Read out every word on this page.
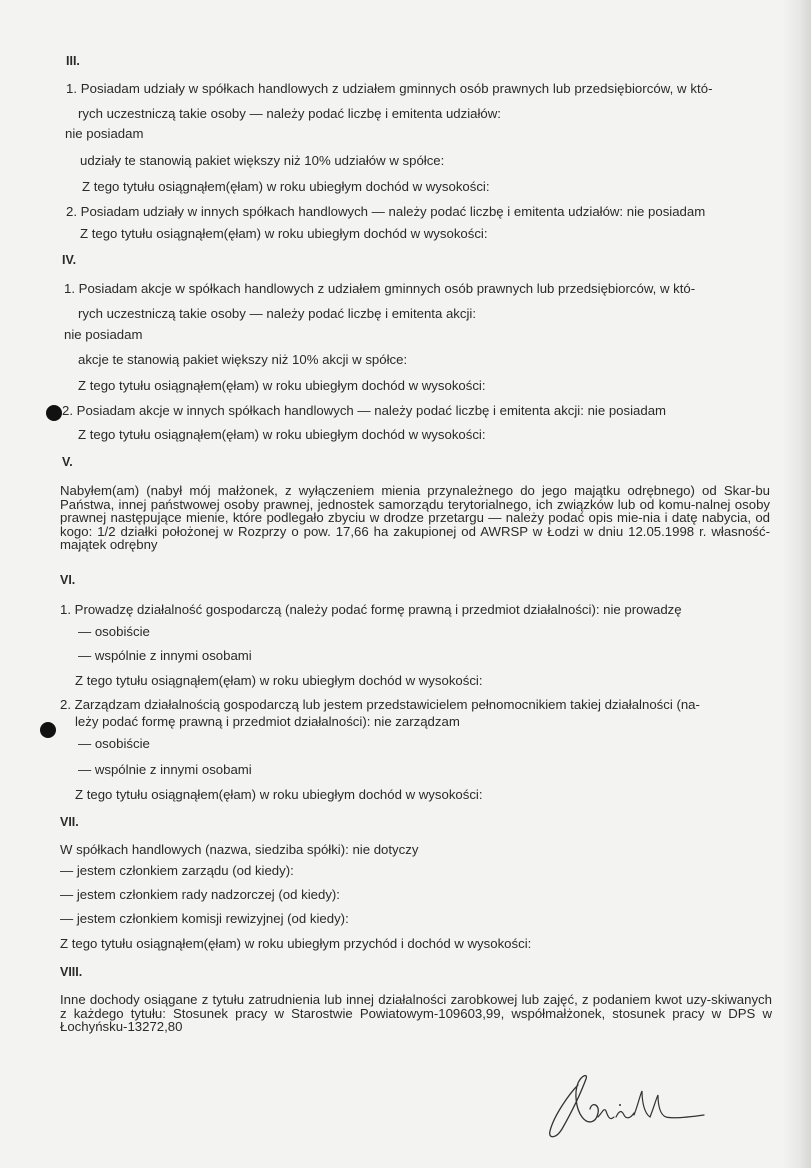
III.
1. Posiadam udziały w spółkach handlowych z udziałem gminnych osób prawnych lub przedsiębiorców, w któ-
rych uczestniczą takie osoby — należy podać liczbę i emitenta udziałów:
nie posiadam
udziały te stanowią pakiet większy niż 10% udziałów w spółce:
Z tego tytułu osiągnąłem(ęłam) w roku ubiegłym dochód w wysokości:
2. Posiadam udziały w innych spółkach handlowych — należy podać liczbę i emitenta udziałów: nie posiadam
Z tego tytułu osiągnąłem(ęłam) w roku ubiegłym dochód w wysokości:
IV.
1. Posiadam akcje w spółkach handlowych z udziałem gminnych osób prawnych lub przedsiębiorców, w któ-
rych uczestniczą takie osoby — należy podać liczbę i emitenta akcji:
nie posiadam
akcje te stanowią pakiet większy niż 10% akcji w spółce:
Z tego tytułu osiągnąłem(ęłam) w roku ubiegłym dochód w wysokości:
2. Posiadam akcje w innych spółkach handlowych — należy podać liczbę i emitenta akcji: nie posiadam
Z tego tytułu osiągnąłem(ęłam) w roku ubiegłym dochód w wysokości:
V.
Nabyłem(am) (nabył mój małżonek, z wyłączeniem mienia przynależnego do jego majątku odrębnego) od Skar-bu Państwa, innej państwowej osoby prawnej, jednostek samorządu terytorialnego, ich związków lub od komu-nalnej osoby prawnej następujące mienie, które podlegało zbyciu w drodze przetargu — należy podać opis mie-nia i datę nabycia, od kogo: 1/2 działki położonej w Rozprzy o pow. 17,66 ha zakupionej od AWRSP w Łodzi w dniu 12.05.1998 r. własność-majątek odrębny
VI.
1. Prowadzę działalność gospodarczą (należy podać formę prawną i przedmiot działalności): nie prowadzę
— osobiście
— wspólnie z innymi osobami
Z tego tytułu osiągnąłem(ęłam) w roku ubiegłym dochód w wysokości:
2. Zarządzam działalnością gospodarczą lub jestem przedstawicielem pełnomocnikiem takiej działalności (na-
leży podać formę prawną i przedmiot działalności): nie zarządzam
— osobiście
— wspólnie z innymi osobami
Z tego tytułu osiągnąłem(ęłam) w roku ubiegłym dochód w wysokości:
VII.
W spółkach handlowych (nazwa, siedziba spółki): nie dotyczy
— jestem członkiem zarządu (od kiedy):
— jestem członkiem rady nadzorczej (od kiedy):
— jestem członkiem komisji rewizyjnej (od kiedy):
Z tego tytułu osiągnąłem(ęłam) w roku ubiegłym przychód i dochód w wysokości:
VIII.
Inne dochody osiągane z tytułu zatrudnienia lub innej działalności zarobkowej lub zajęć, z podaniem kwot uzy-skiwanych z każdego tytułu: Stosunek pracy w Starostwie Powiatowym-109603,99, współmałżonek, stosunek pracy w DPS w Łochyńsku-13272,80
